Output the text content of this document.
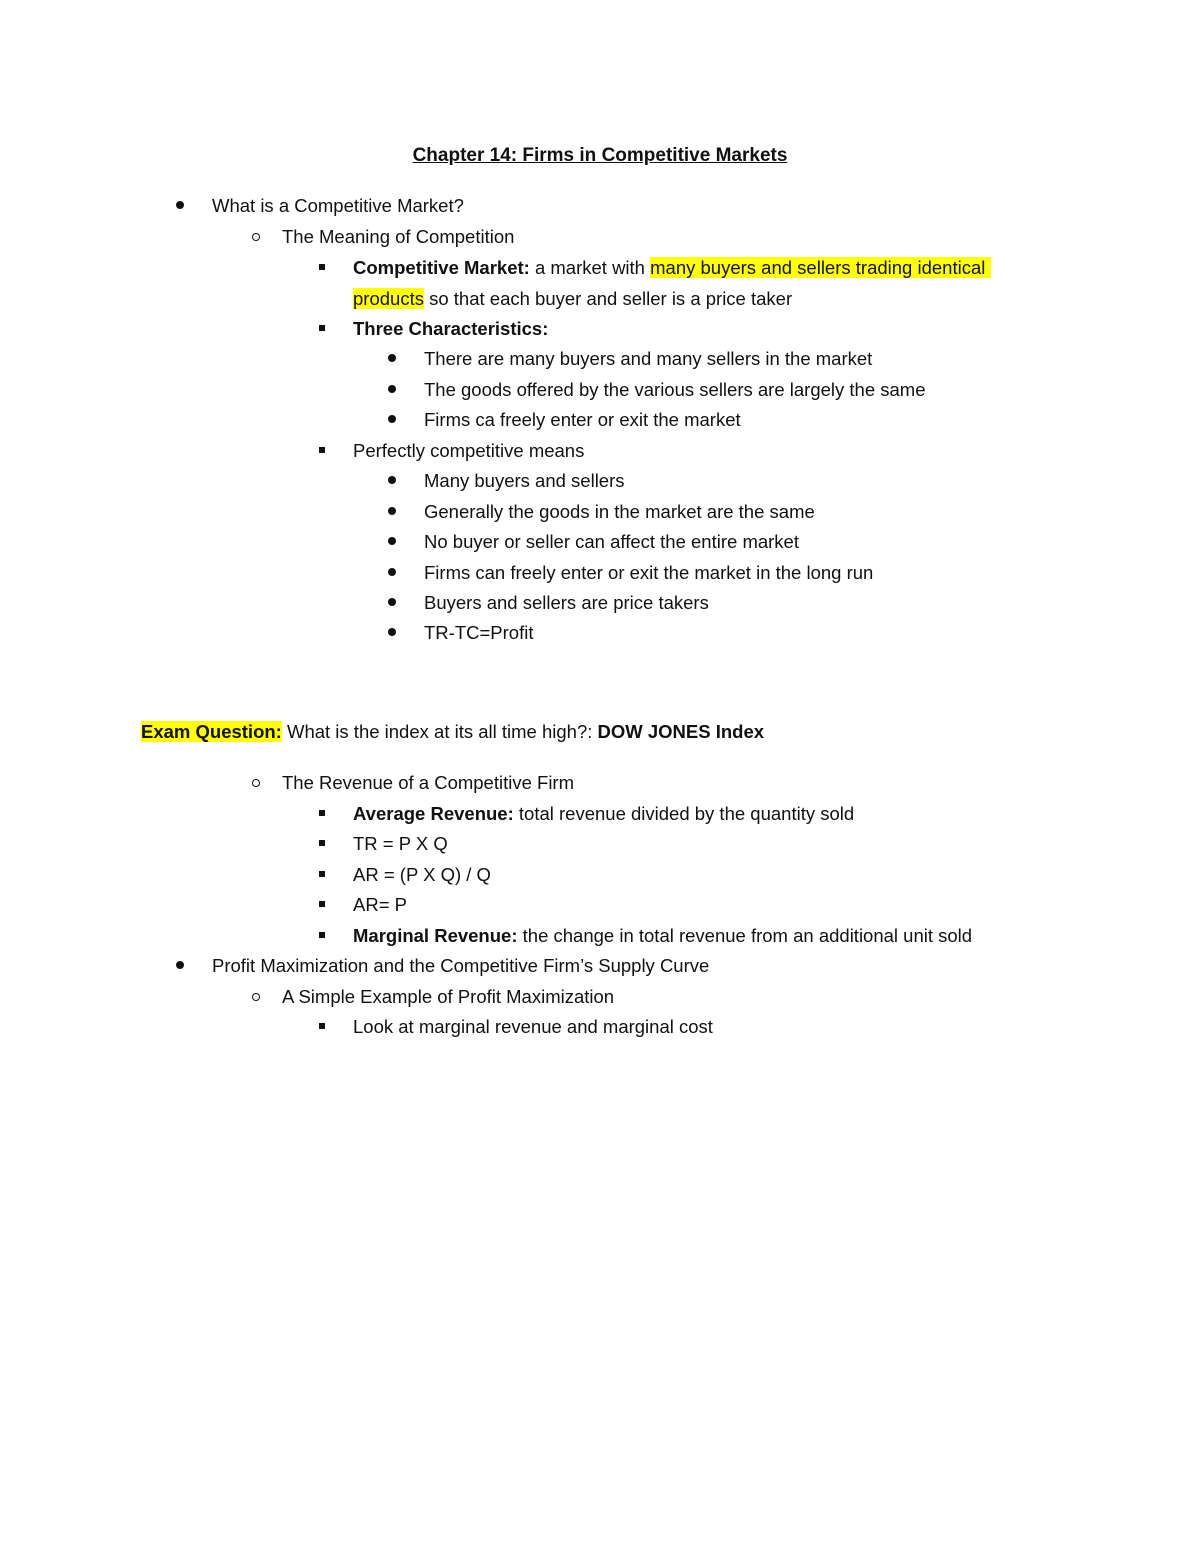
Chapter 14: Firms in Competitive Markets
What is a Competitive Market?
The Meaning of Competition
Competitive Market: a market with many buyers and sellers trading identical
products so that each buyer and seller is a price taker
Three Characteristics:
There are many buyers and many sellers in the market
The goods offered by the various sellers are largely the same
Firms ca freely enter or exit the market
Perfectly competitive means
Many buyers and sellers
Generally the goods in the market are the same
No buyer or seller can affect the entire market
Firms can freely enter or exit the market in the long run
Buyers and sellers are price takers
TR-TC=Profit
Exam Question: What is the index at its all time high?: DOW JONES Index
The Revenue of a Competitive Firm
Average Revenue: total revenue divided by the quantity sold
TR = P X Q
AR = (P X Q) / Q
AR= P
Marginal Revenue: the change in total revenue from an additional unit sold
Profit Maximization and the Competitive Firm’s Supply Curve
A Simple Example of Profit Maximization
Look at marginal revenue and marginal cost
